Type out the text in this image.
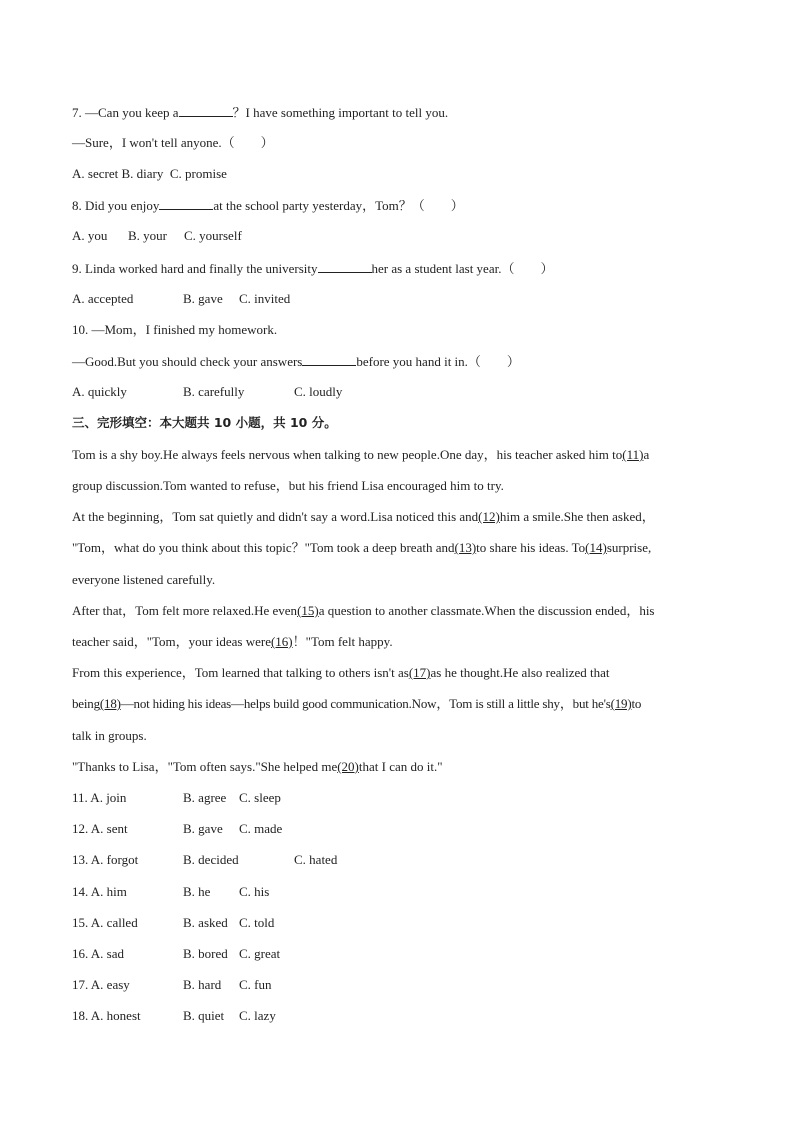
7. —Can you keep a	？I have something important to tell you.
—Sure，I won't tell anyone.（　　）
A. secret B. diary C. promise
8. Did you enjoy	at the school party yesterday，Tom？（　　）
A. you B. your C. yourself
9. Linda worked hard and finally the university	her as a student last year.（　　）
A. accepted	B. gave C. invited
10. —Mom，I finished my homework.
—Good.But you should check your answers	before you hand it in.（　　）
A. quickly	B. carefully	C. loudly
三、完形填空：本大题共 10 小题，共 10 分。
Tom is a shy boy.He always feels nervous when talking to new people.One day，his teacher asked him to(11)a
group discussion.Tom wanted to refuse，but his friend Lisa encouraged him to try.
At the beginning，Tom sat quietly and didn't say a word.Lisa noticed this and(12)him a smile.She then asked，
"Tom，what do you think about this topic？"Tom took a deep breath and(13)to share his ideas. To(14)surprise,
everyone listened carefully.
After that，Tom felt more relaxed.He even(15)a question to another classmate.When the discussion ended，his
teacher said，"Tom，your ideas were(16)！"Tom felt happy.
From this experience，Tom learned that talking to others isn't as(17)as he thought.He also realized that
being(18)—not hiding his ideas—helps build good communication.Now，Tom is still a little shy，but he's(19)to
talk in groups.
"Thanks to Lisa，"Tom often says."She helped me(20)that I can do it."
11. A. join	B. agree C. sleep
12. A. sent	B. gave C. made
13. A. forgot	B. decided	C. hated
14. A. him	B. he C. his
15. A. called	B. asked C. told
16. A. sad	B. bored C. great
17. A. easy	B. hard C. fun
18. A. honest	B. quiet C. lazy
